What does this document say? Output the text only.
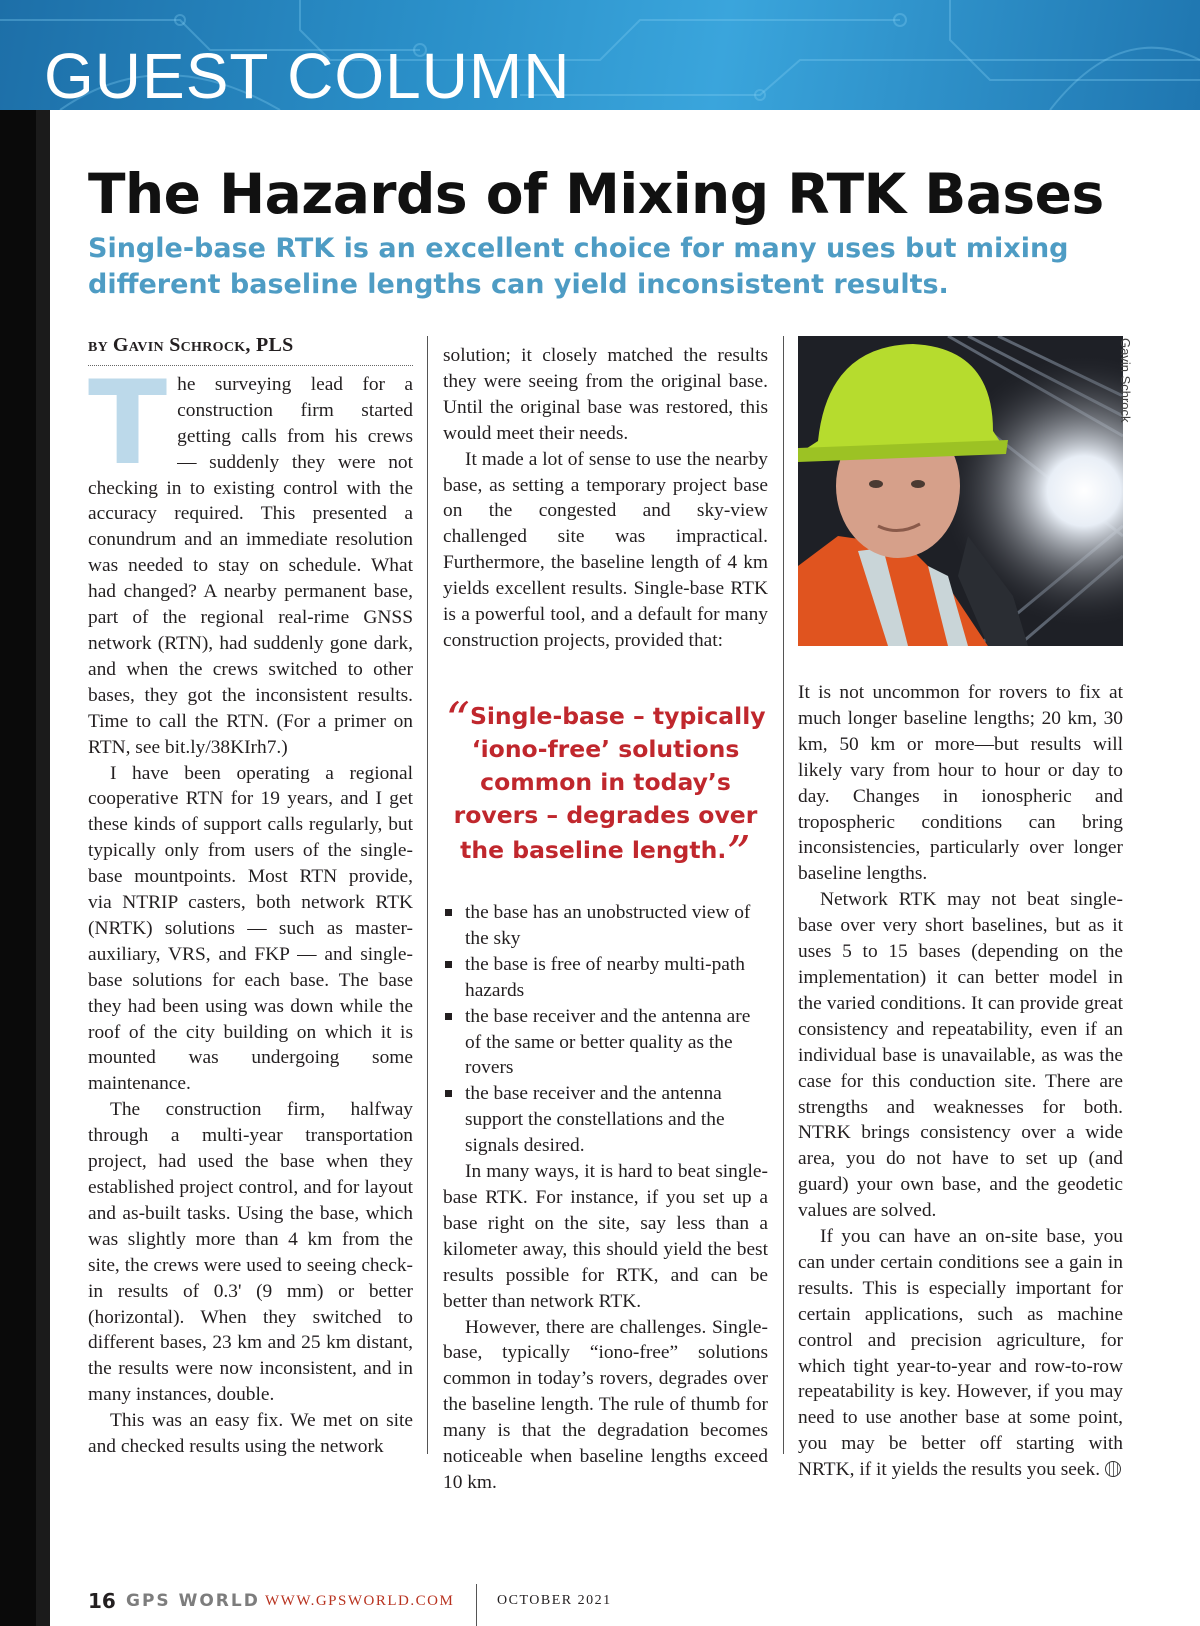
GUEST COLUMN
The Hazards of Mixing RTK Bases
Single-base RTK is an excellent choice for many uses but mixing different baseline lengths can yield inconsistent results.

BY Gavin Schrock, PLS

The surveying lead for a construction firm started getting calls from his crews — suddenly they were not checking in to existing control with the accuracy required. This presented a conundrum and an immediate resolution was needed to stay on schedule. What had changed? A nearby permanent base, part of the regional real-rime GNSS network (RTN), had suddenly gone dark, and when the crews switched to other bases, they got the inconsistent results. Time to call the RTN. (For a primer on RTN, see bit.ly/38KIrh7.)

I have been operating a regional cooperative RTN for 19 years, and I get these kinds of support calls regularly, but typically only from users of the single-base mountpoints. Most RTN provide, via NTRIP casters, both network RTK (NRTK) solutions — such as master-auxiliary, VRS, and FKP — and single-base solutions for each base. The base they had been using was down while the roof of the city building on which it is mounted was undergoing some maintenance.

The construction firm, halfway through a multi-year transportation project, had used the base when they established project control, and for layout and as-built tasks. Using the base, which was slightly more than 4 km from the site, the crews were used to seeing check-in results of 0.3' (9 mm) or better (horizontal). When they switched to different bases, 23 km and 25 km distant, the results were now inconsistent, and in many instances, double.

This was an easy fix. We met on site and checked results using the network

solution; it closely matched the results they were seeing from the original base. Until the original base was restored, this would meet their needs.

It made a lot of sense to use the nearby base, as setting a temporary project base on the congested and sky-view challenged site was impractical. Furthermore, the baseline length of 4 km yields excellent results. Single-base RTK is a powerful tool, and a default for many construction projects, provided that:

“Single-base – typically ‘iono-free’ solutions common in today’s rovers – degrades over the baseline length.”
the base has an unobstructed view of the sky
the base is free of nearby multi-path hazards
the base receiver and the antenna are of the same or better quality as the rovers
the base receiver and the antenna support the constellations and the signals desired.

In many ways, it is hard to beat single-base RTK. For instance, if you set up a base right on the site, say less than a kilometer away, this should yield the best results possible for RTK, and can be better than network RTK.

However, there are challenges. Single-base, typically “iono-free” solutions common in today’s rovers, degrades over the baseline length. The rule of thumb for many is that the degradation becomes noticeable when baseline lengths exceed 10 km.

Gavin Schrock

It is not uncommon for rovers to fix at much longer baseline lengths; 20 km, 30 km, 50 km or more—but results will likely vary from hour to hour or day to day. Changes in ionospheric and tropospheric conditions can bring inconsistencies, particularly over longer baseline lengths.

Network RTK may not beat single-base over very short baselines, but as it uses 5 to 15 bases (depending on the implementation) it can better model in the varied conditions. It can provide great consistency and repeatability, even if an individual base is unavailable, as was the case for this conduction site. There are strengths and weaknesses for both. NTRK brings consistency over a wide area, you do not have to set up (and guard) your own base, and the geodetic values are solved.

If you can have an on-site base, you can under certain conditions see a gain in results. This is especially important for certain applications, such as machine control and precision agriculture, for which tight year-to-year and row-to-row repeatability is key. However, if you may need to use another base at some point, you may be better off starting with NRTK, if it yields the results you seek.

16 GPS WORLD WWW.GPSWORLD.COM	OCTOBER 2021
